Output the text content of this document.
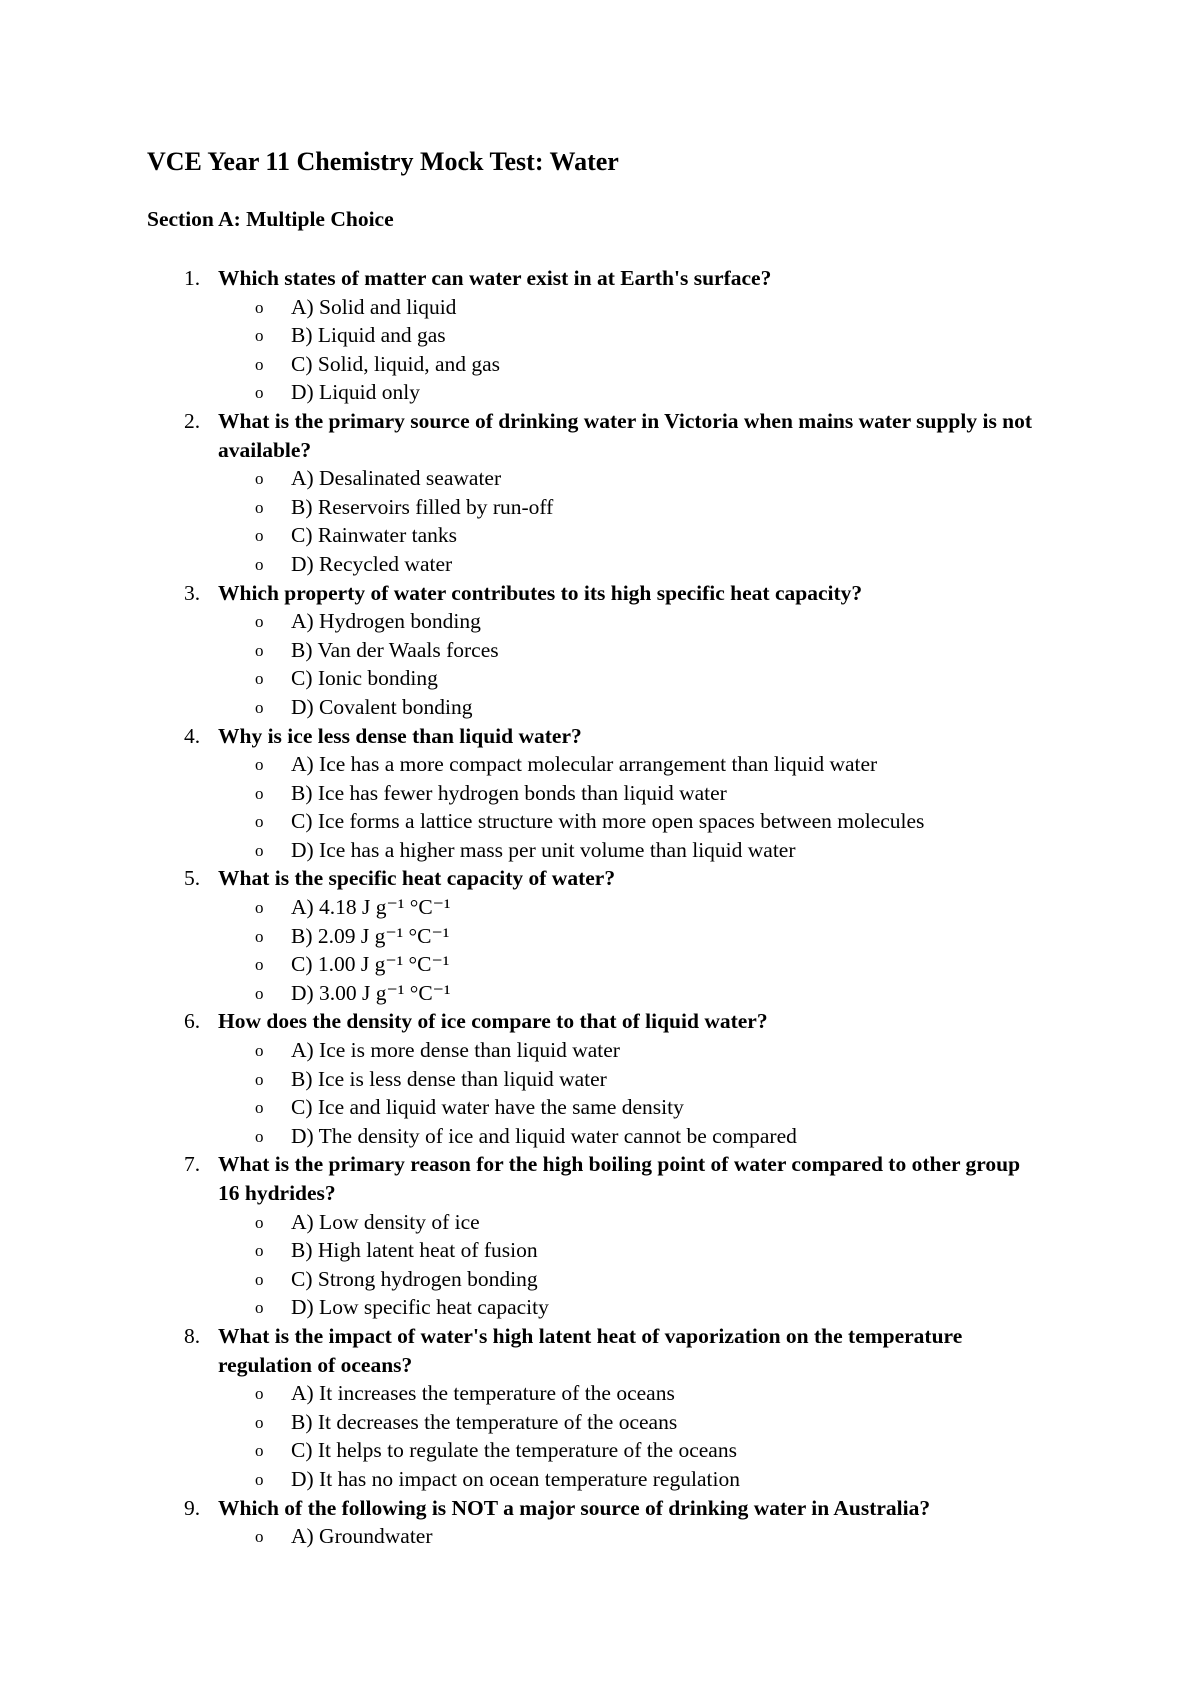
VCE Year 11 Chemistry Mock Test: Water
Section A: Multiple Choice
1. Which states of matter can water exist in at Earth's surface?

o A) Solid and liquid
o B) Liquid and gas
o C) Solid, liquid, and gas
o D) Liquid only
2. What is the primary source of drinking water in Victoria when mains water supply is not available?

o A) Desalinated seawater
o B) Reservoirs filled by run-off
o C) Rainwater tanks
o D) Recycled water
3. Which property of water contributes to its high specific heat capacity?

o A) Hydrogen bonding
o B) Van der Waals forces
o C) Ionic bonding
o D) Covalent bonding
4. Why is ice less dense than liquid water?

o A) Ice has a more compact molecular arrangement than liquid water
o B) Ice has fewer hydrogen bonds than liquid water
o C) Ice forms a lattice structure with more open spaces between molecules
o D) Ice has a higher mass per unit volume than liquid water
5. What is the specific heat capacity of water?

o A) 4.18 J g⁻¹ °C⁻¹
o B) 2.09 J g⁻¹ °C⁻¹
o C) 1.00 J g⁻¹ °C⁻¹
o D) 3.00 J g⁻¹ °C⁻¹
6. How does the density of ice compare to that of liquid water?

o A) Ice is more dense than liquid water
o B) Ice is less dense than liquid water
o C) Ice and liquid water have the same density
o D) The density of ice and liquid water cannot be compared
7. What is the primary reason for the high boiling point of water compared to other group 16 hydrides?

o A) Low density of ice
o B) High latent heat of fusion
o C) Strong hydrogen bonding
o D) Low specific heat capacity
8. What is the impact of water's high latent heat of vaporization on the temperature regulation of oceans?

o A) It increases the temperature of the oceans
o B) It decreases the temperature of the oceans
o C) It helps to regulate the temperature of the oceans
o D) It has no impact on ocean temperature regulation
9. Which of the following is NOT a major source of drinking water in Australia?

o A) Groundwater
